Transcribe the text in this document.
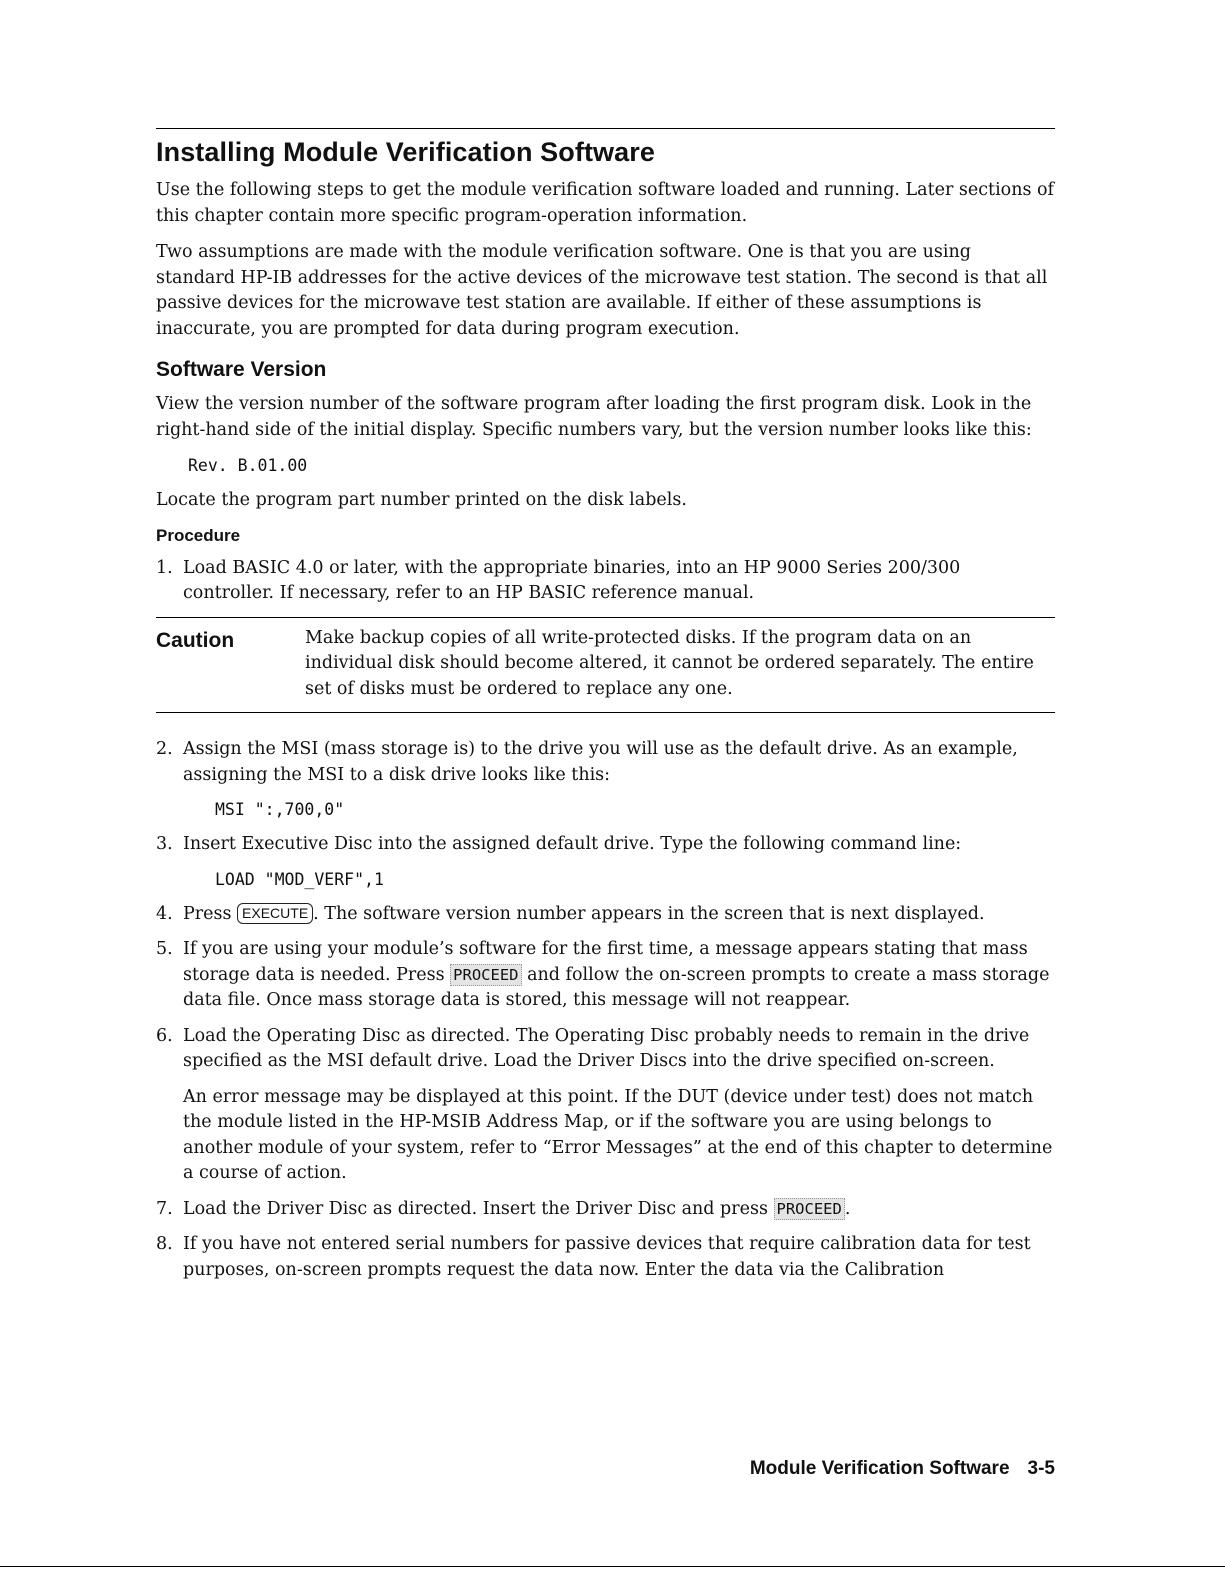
Installing Module Verification Software

Use the following steps to get the module verification software loaded and running. Later sections of this chapter contain more specific program-operation information.

Two assumptions are made with the module verification software. One is that you are using standard HP-IB addresses for the active devices of the microwave test station. The second is that all passive devices for the microwave test station are available. If either of these assumptions is inaccurate, you are prompted for data during program execution.

Software Version

View the version number of the software program after loading the first program disk. Look in the right-hand side of the initial display. Specific numbers vary, but the version number looks like this:

Rev. B.01.00

Locate the program part number printed on the disk labels.

Procedure
1. Load BASIC 4.0 or later, with the appropriate binaries, into an HP 9000 Series 200/300 controller. If necessary, refer to an HP BASIC reference manual.

Caution	Make backup copies of all write-protected disks. If the program data on an individual disk should become altered, it cannot be ordered separately. The entire set of disks must be ordered to replace any one.

2. Assign the MSI (mass storage is) to the drive you will use as the default drive. As an example, assigning the MSI to a disk drive looks like this:

MSI ":,700,0"
3. Insert Executive Disc into the assigned default drive. Type the following command line:

LOAD "MOD_VERF",1
4. Press EXECUTE . The software version number appears in the screen that is next displayed.

5. If you are using your module’s software for the first time, a message appears stating that mass storage data is needed. Press PROCEED and follow the on-screen prompts to create a mass storage data file. Once mass storage data is stored, this message will not reappear.

6. Load the Operating Disc as directed. The Operating Disc probably needs to remain in the drive specified as the MSI default drive. Load the Driver Discs into the drive specified on-screen.

An error message may be displayed at this point. If the DUT (device under test) does not match the module listed in the HP-MSIB Address Map, or if the software you are using belongs to another module of your system, refer to “Error Messages” at the end of this chapter to determine a course of action.

7. Load the Driver Disc as directed. Insert the Driver Disc and press PROCEED .

8. If you have not entered serial numbers for passive devices that require calibration data for test purposes, on-screen prompts request the data now. Enter the data via the Calibration

Module Verification Software 3-5
